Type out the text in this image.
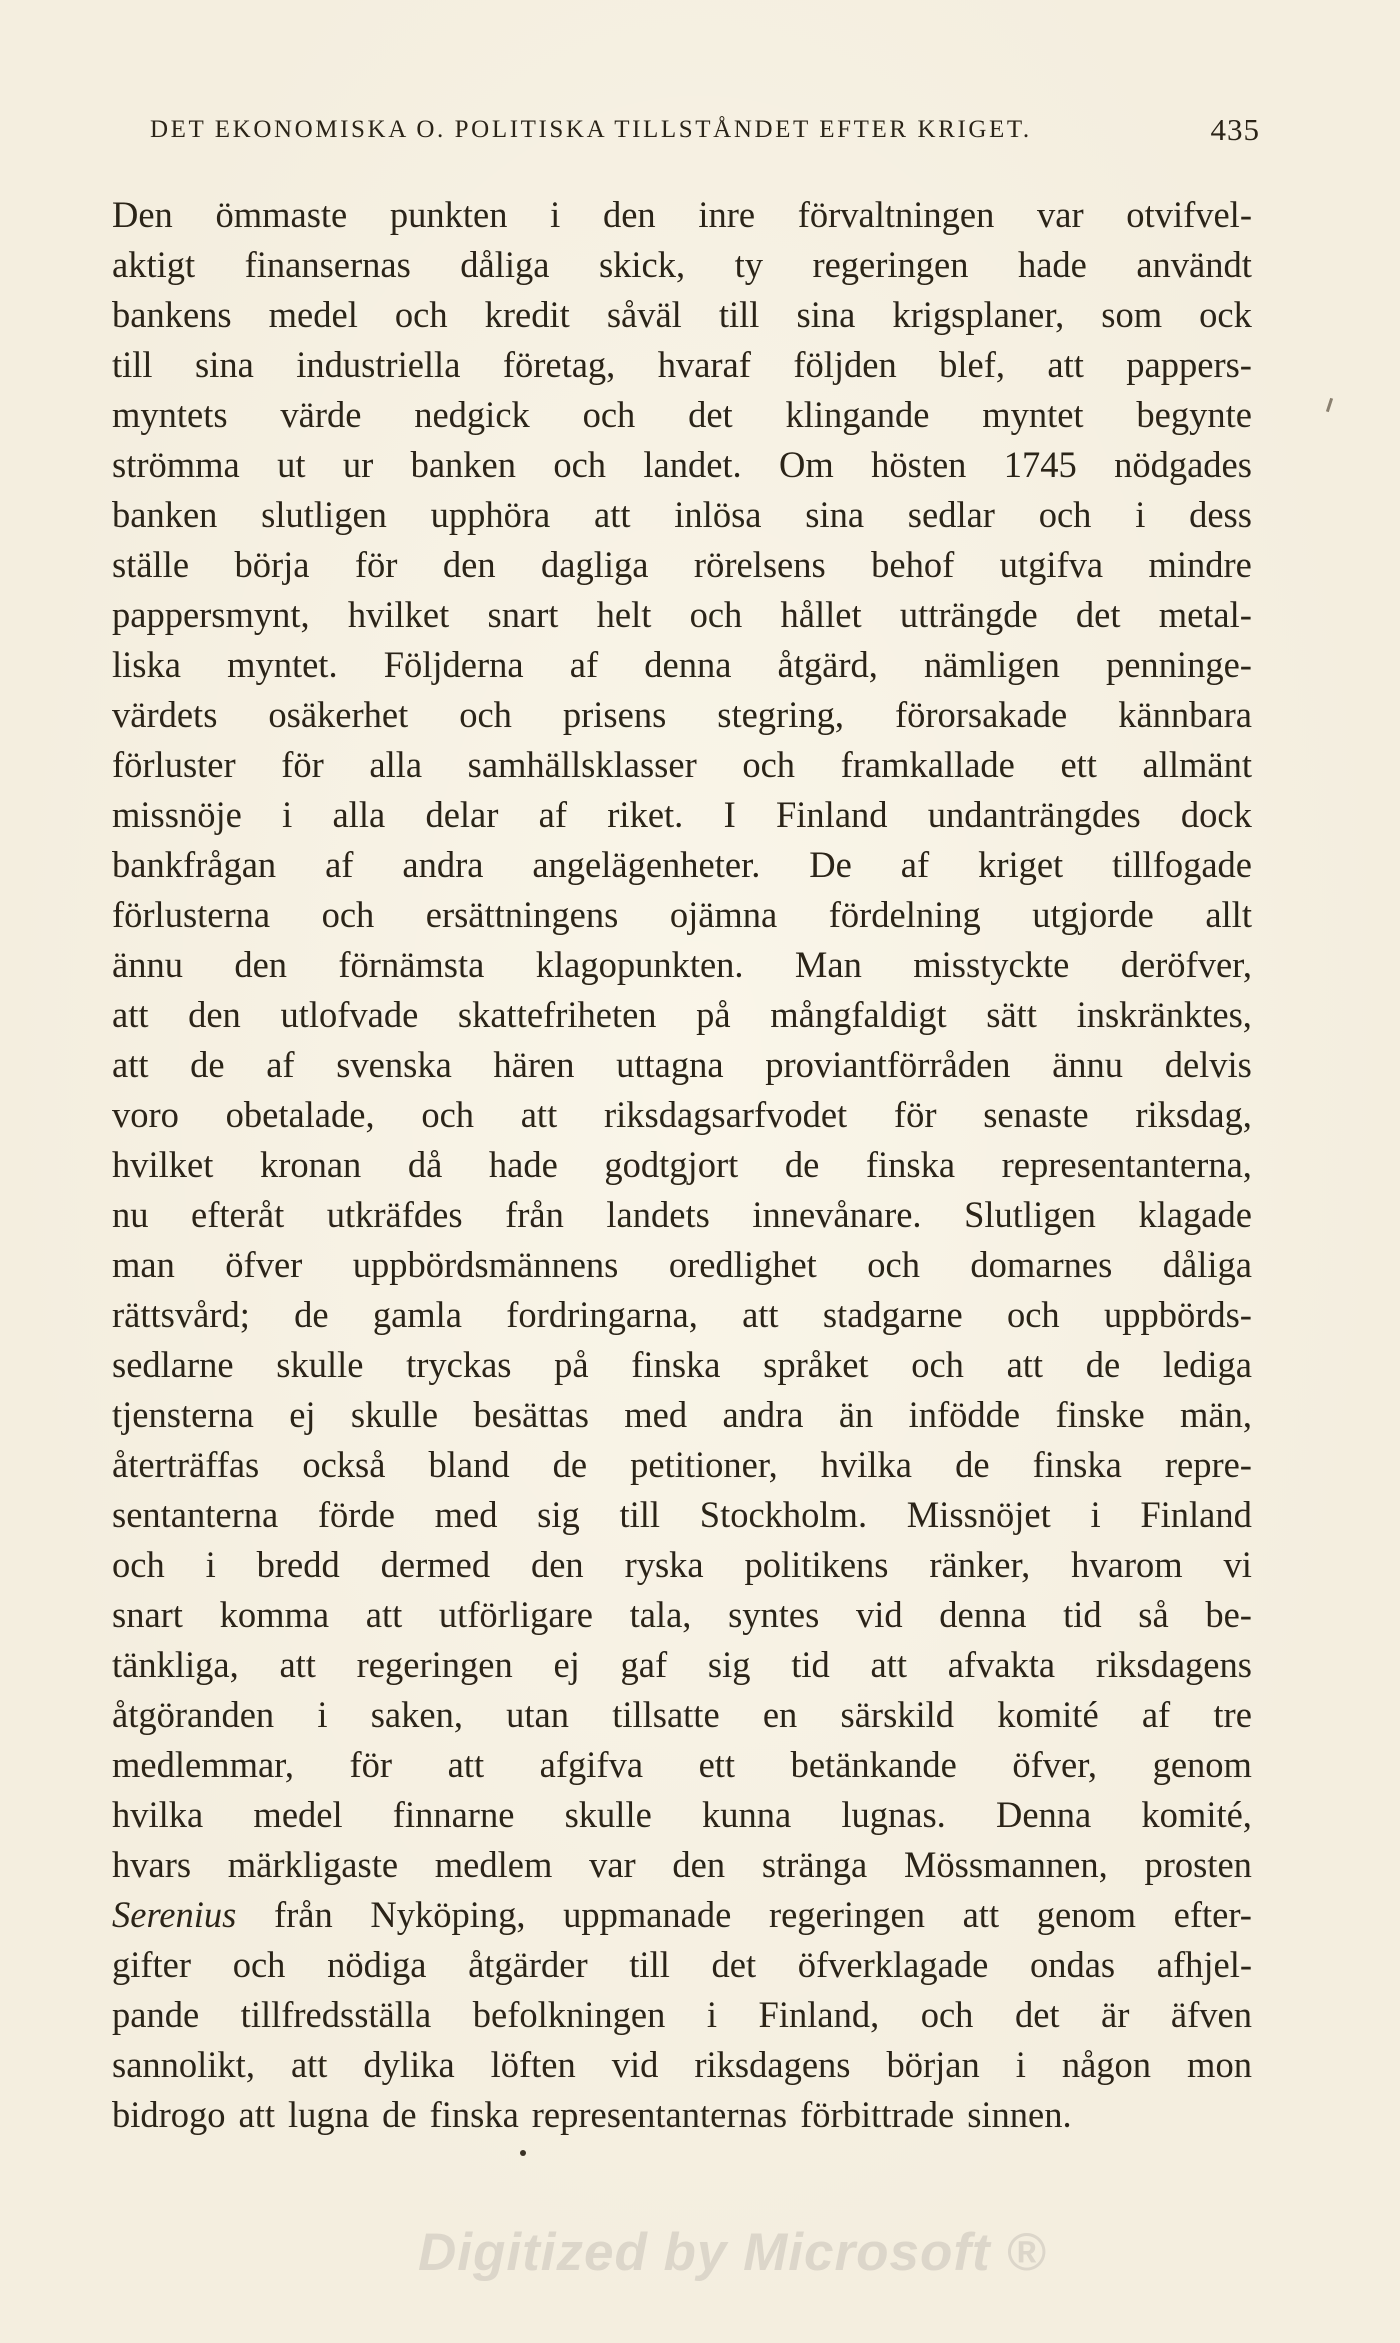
DET EKONOMISKA O. POLITISKA TILLSTÅNDET EFTER KRIGET.	435
Den ömmaste punkten i den inre förvaltningen var otvifvel-
aktigt finansernas dåliga skick, ty regeringen hade användt
bankens medel och kredit såväl till sina krigsplaner, som ock
till sina industriella företag, hvaraf följden blef, att pappers-
myntets värde nedgick och det klingande myntet begynte
strömma ut ur banken och landet. Om hösten 1745 nödgades
banken slutligen upphöra att inlösa sina sedlar och i dess
ställe börja för den dagliga rörelsens behof utgifva mindre
pappersmynt, hvilket snart helt och hållet utträngde det metal-
liska myntet. Följderna af denna åtgärd, nämligen penninge-
värdets osäkerhet och prisens stegring, förorsakade kännbara
förluster för alla samhällsklasser och framkallade ett allmänt
missnöje i alla delar af riket. I Finland undanträngdes dock
bankfrågan af andra angelägenheter. De af kriget tillfogade
förlusterna och ersättningens ojämna fördelning utgjorde allt
ännu den förnämsta klagopunkten. Man misstyckte deröfver,
att den utlofvade skattefriheten på mångfaldigt sätt inskränktes,
att de af svenska hären uttagna proviantförråden ännu delvis
voro obetalade, och att riksdagsarfvodet för senaste riksdag,
hvilket kronan då hade godtgjort de finska representanterna,
nu efteråt utkräfdes från landets innevånare. Slutligen klagade
man öfver uppbördsmännens oredlighet och domarnes dåliga
rättsvård; de gamla fordringarna, att stadgarne och uppbörds-
sedlarne skulle tryckas på finska språket och att de lediga
tjensterna ej skulle besättas med andra än infödde finske män,
återträffas också bland de petitioner, hvilka de finska repre-
sentanterna förde med sig till Stockholm. Missnöjet i Finland
och i bredd dermed den ryska politikens ränker, hvarom vi
snart komma att utförligare tala, syntes vid denna tid så be-
tänkliga, att regeringen ej gaf sig tid att afvakta riksdagens
åtgöranden i saken, utan tillsatte en särskild komité af tre
medlemmar, för att afgifva ett betänkande öfver, genom
hvilka medel finnarne skulle kunna lugnas. Denna komité,
hvars märkligaste medlem var den stränga Mössmannen, prosten
Serenius från Nyköping, uppmanade regeringen att genom efter-
gifter och nödiga åtgärder till det öfverklagade ondas afhjel-
pande tillfredsställa befolkningen i Finland, och det är äfven
sannolikt, att dylika löften vid riksdagens början i någon mon
bidrogo att lugna de finska representanternas förbittrade sinnen.
Digitized by Microsoft ®
